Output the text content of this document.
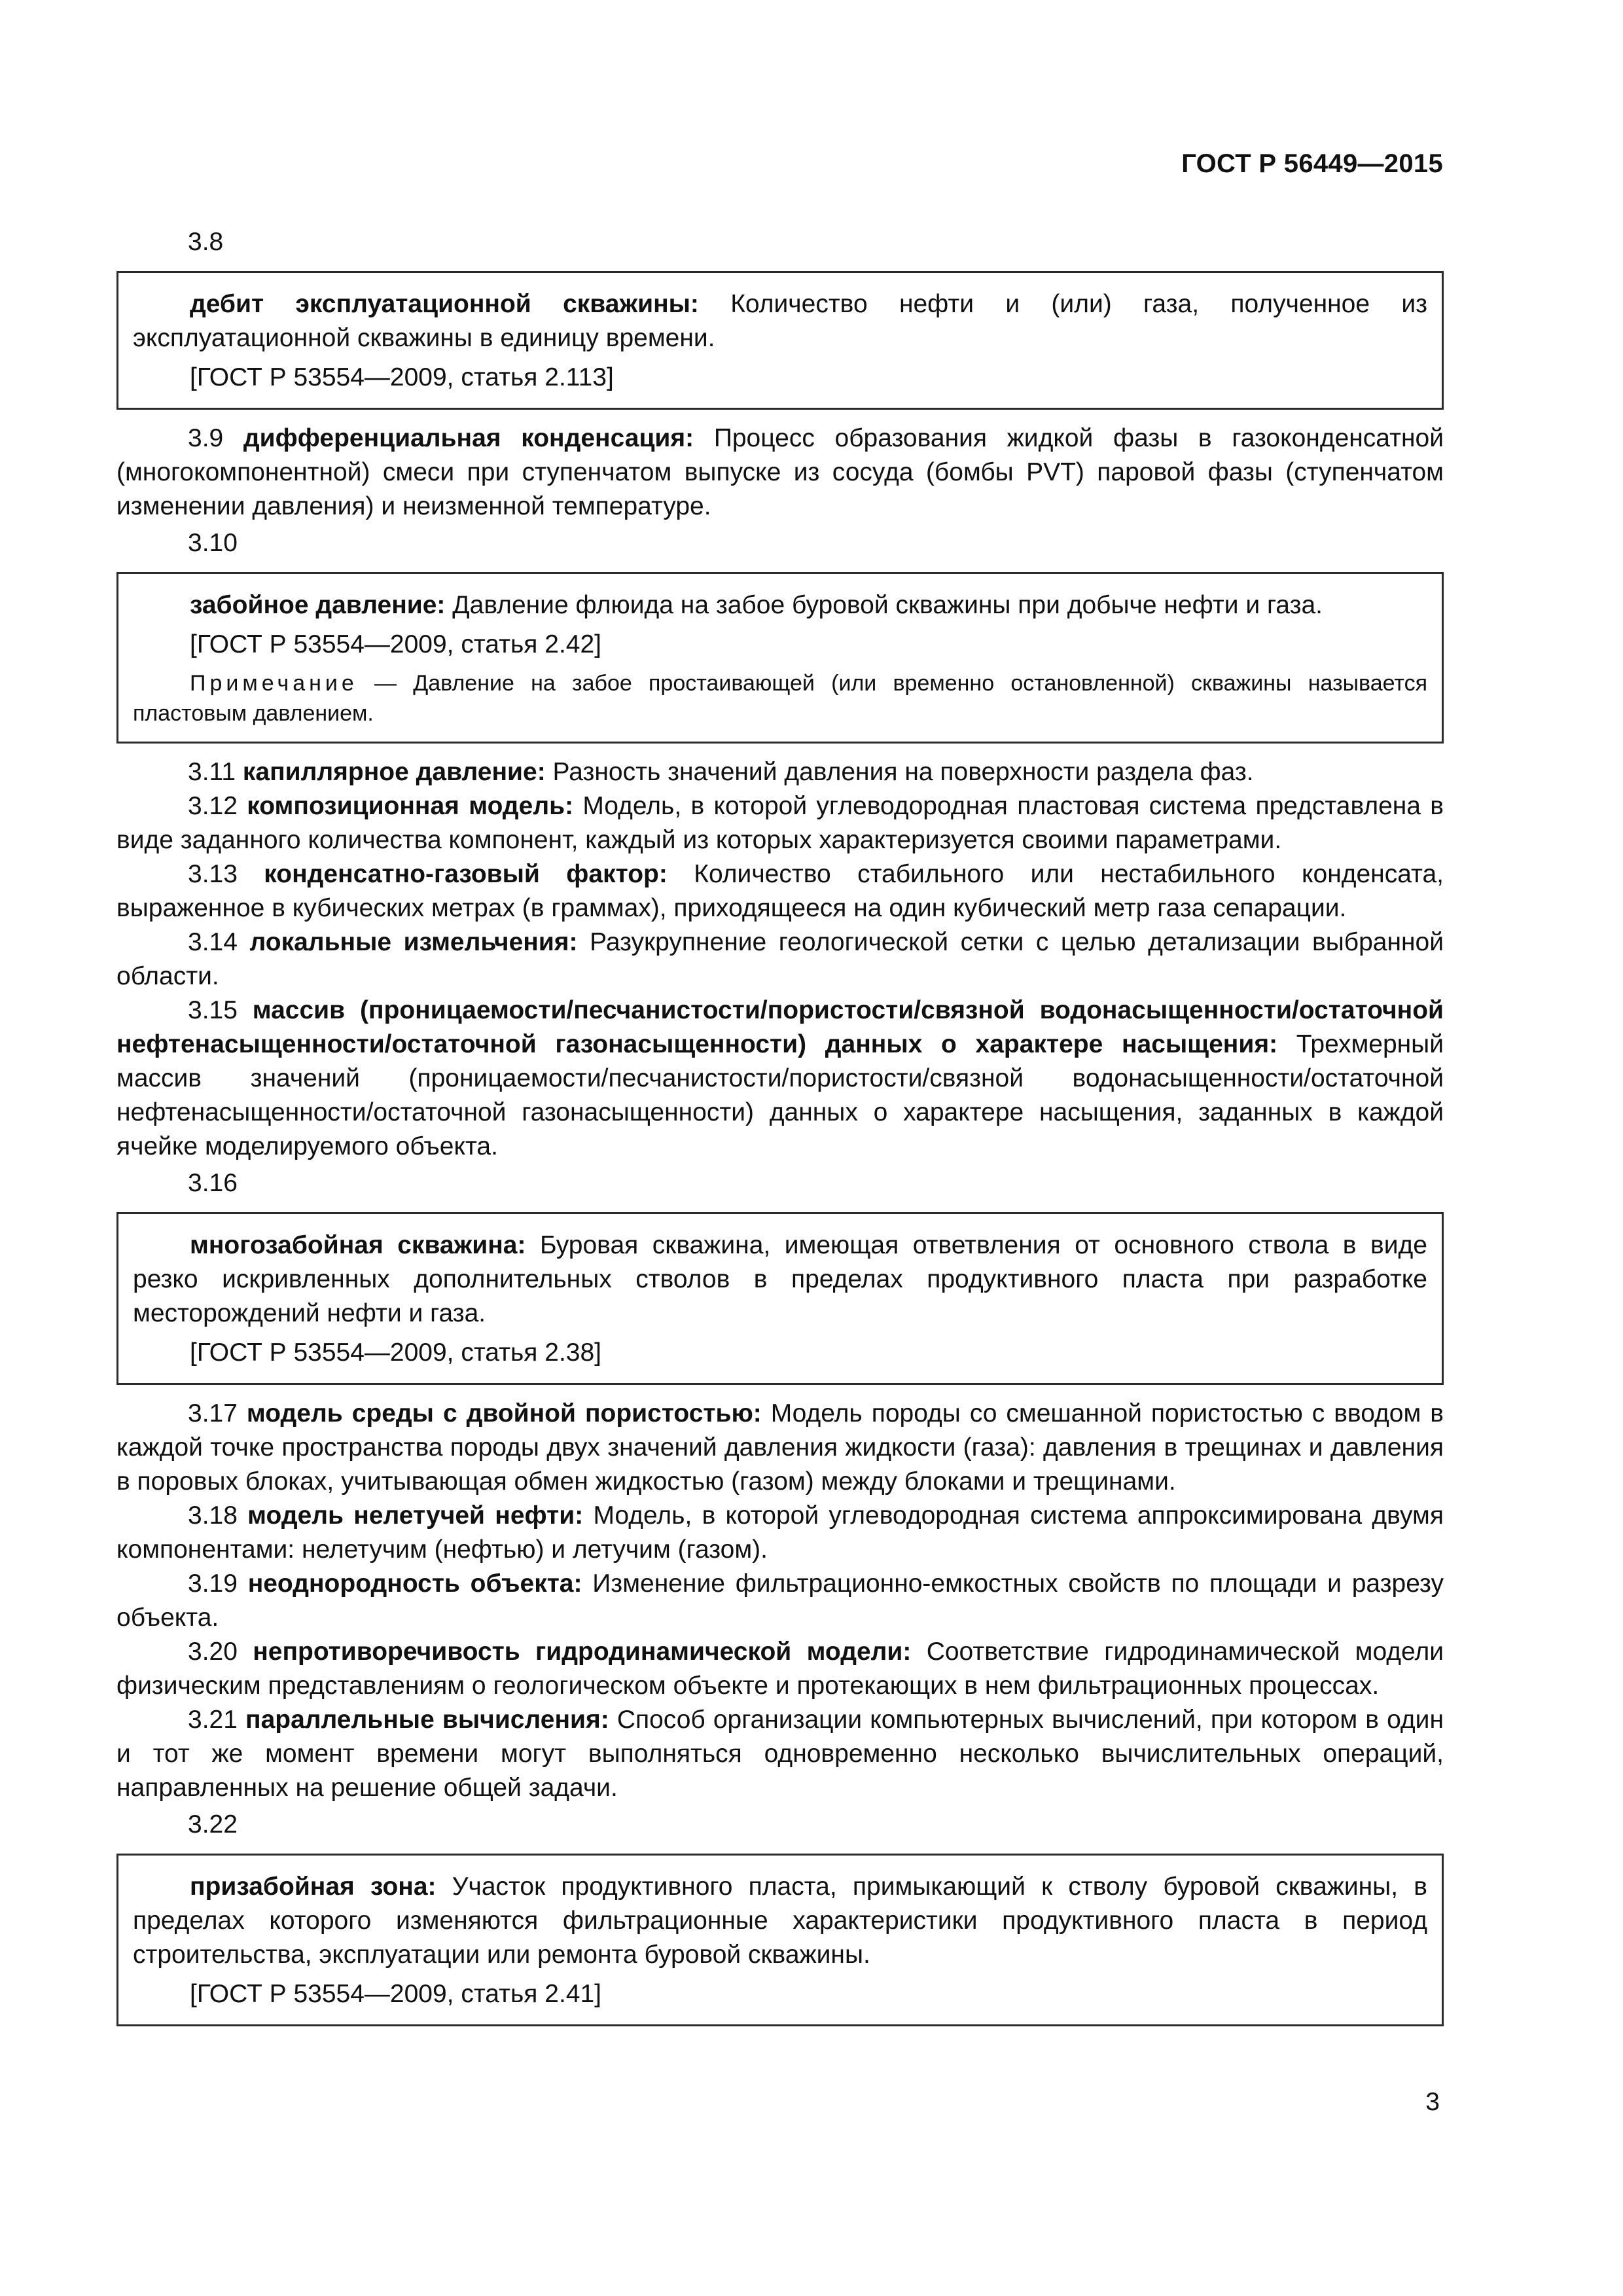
ГОСТ Р 56449—2015
3.8

дебит эксплуатационной скважины: Количество нефти и (или) газа, полученное из эксплуатационной скважины в единицу времени.

[ГОСТ Р 53554—2009, статья 2.113]

3.9 дифференциальная конденсация: Процесс образования жидкой фазы в газоконденсатной (многокомпонентной) смеси при ступенчатом выпуске из сосуда (бомбы PVT) паровой фазы (ступенчатом изменении давления) и неизменной температуре.

3.10

забойное давление: Давление флюида на забое буровой скважины при добыче нефти и газа.

[ГОСТ Р 53554—2009, статья 2.42]

Примечание — Давление на забое простаивающей (или временно остановленной) скважины называется пластовым давлением.

3.11 капиллярное давление: Разность значений давления на поверхности раздела фаз.

3.12 композиционная модель: Модель, в которой углеводородная пластовая система представлена в виде заданного количества компонент, каждый из которых характеризуется своими параметрами.

3.13 конденсатно-газовый фактор: Количество стабильного или нестабильного конденсата, выраженное в кубических метрах (в граммах), приходящееся на один кубический метр газа сепарации.

3.14 локальные измельчения: Разукрупнение геологической сетки с целью детализации выбранной области.

3.15 массив (проницаемости/песчанистости/пористости/связной водонасыщенности/остаточной нефтенасыщенности/остаточной газонасыщенности) данных о характере насыщения: Трехмерный массив значений (проницаемости/песчанистости/пористости/связной водонасыщенности/остаточной нефтенасыщенности/остаточной газонасыщенности) данных о характере насыщения, заданных в каждой ячейке моделируемого объекта.

3.16

многозабойная скважина: Буровая скважина, имеющая ответвления от основного ствола в виде резко искривленных дополнительных стволов в пределах продуктивного пласта при разработке месторождений нефти и газа.

[ГОСТ Р 53554—2009, статья 2.38]

3.17 модель среды с двойной пористостью: Модель породы со смешанной пористостью с вводом в каждой точке пространства породы двух значений давления жидкости (газа): давления в трещинах и давления в поровых блоках, учитывающая обмен жидкостью (газом) между блоками и трещинами.

3.18 модель нелетучей нефти: Модель, в которой углеводородная система аппроксимирована двумя компонентами: нелетучим (нефтью) и летучим (газом).

3.19 неоднородность объекта: Изменение фильтрационно-емкостных свойств по площади и разрезу объекта.

3.20 непротиворечивость гидродинамической модели: Соответствие гидродинамической модели физическим представлениям о геологическом объекте и протекающих в нем фильтрационных процессах.

3.21 параллельные вычисления: Способ организации компьютерных вычислений, при котором в один и тот же момент времени могут выполняться одновременно несколько вычислительных операций, направленных на решение общей задачи.

3.22

призабойная зона: Участок продуктивного пласта, примыкающий к стволу буровой скважины, в пределах которого изменяются фильтрационные характеристики продуктивного пласта в период строительства, эксплуатации или ремонта буровой скважины.

[ГОСТ Р 53554—2009, статья 2.41]

3
